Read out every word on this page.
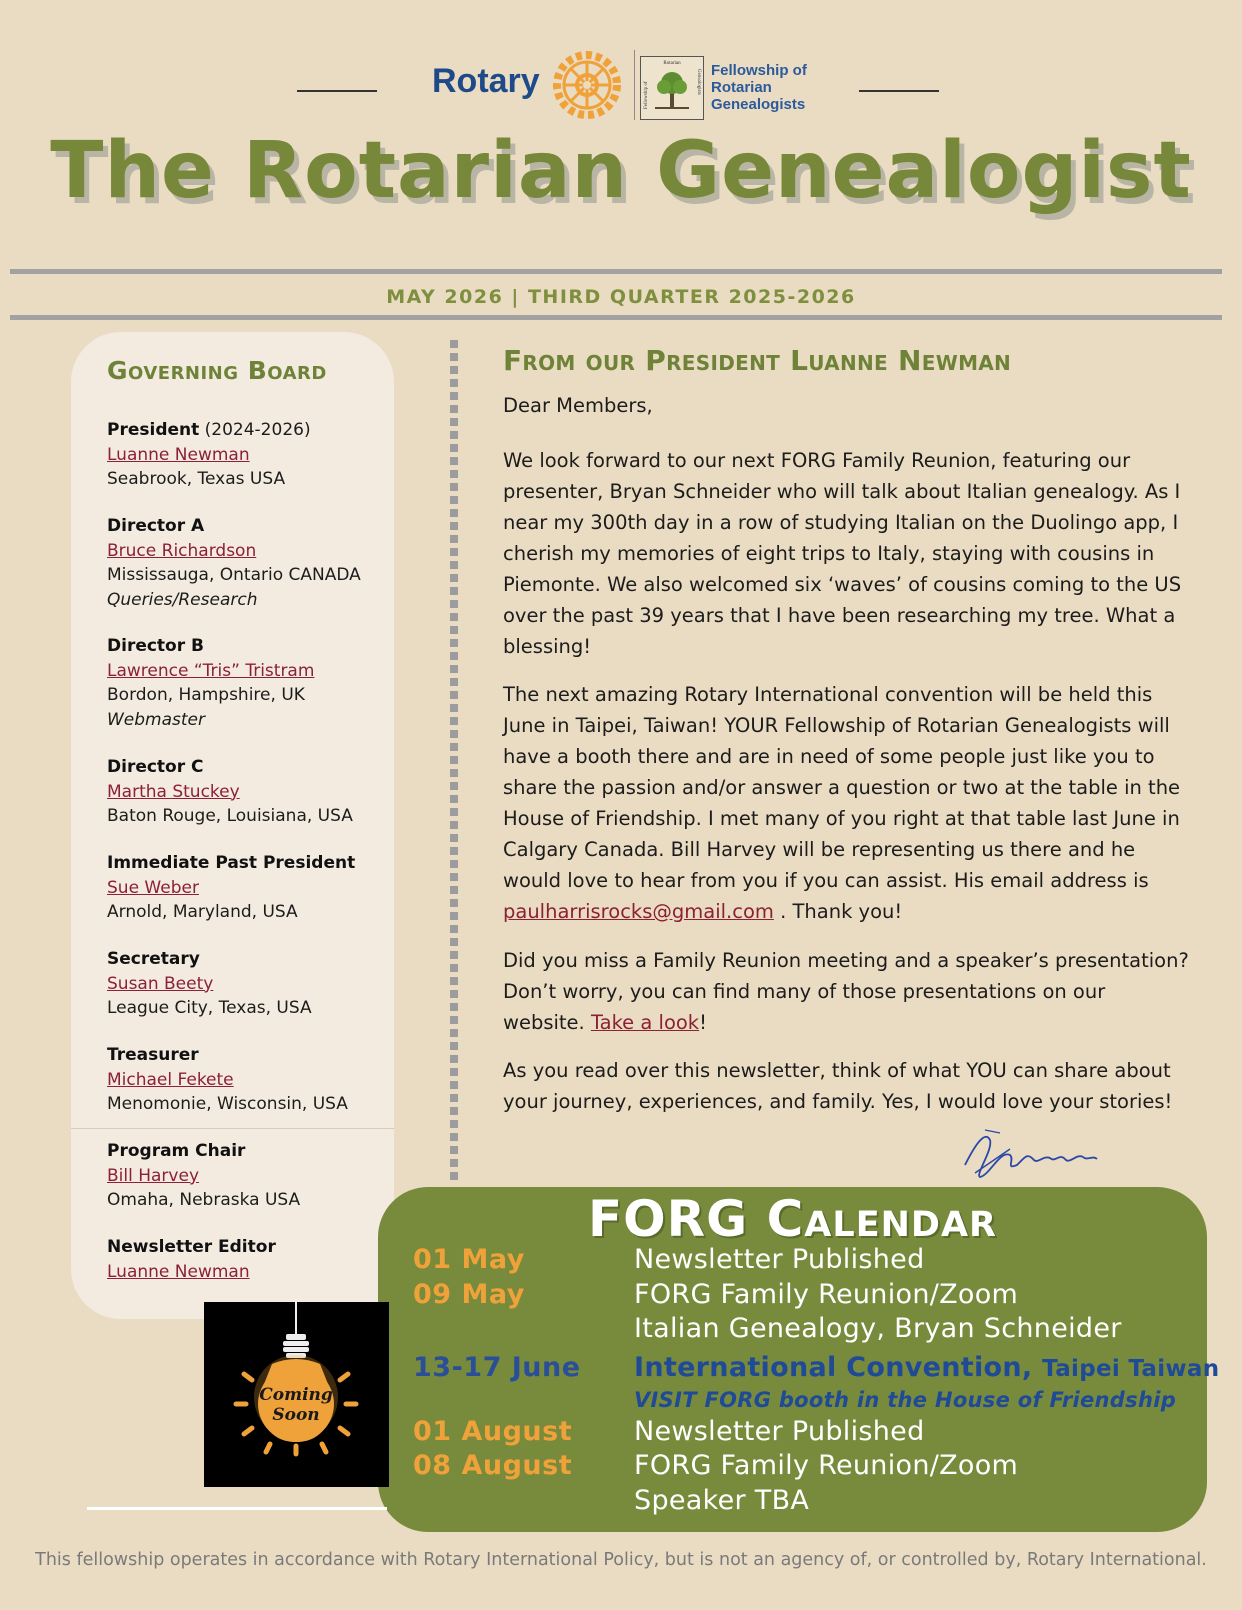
Rotary	Rotarian
Fellowship of	Genealogists Fellowship of
Rotarian
Genealogists
The Rotarian Genealogist
MAY 2026 | THIRD QUARTER 2025-2026
Governing Board
President (2024-2026)
Luanne Newman
Seabrook, Texas USA
Director A
Bruce Richardson
Mississauga, Ontario CANADA
Queries/Research
Director B
Lawrence “Tris” Tristram
Bordon, Hampshire, UK
Webmaster
Director C
Martha Stuckey
Baton Rouge, Louisiana, USA
Immediate Past President
Sue Weber
Arnold, Maryland, USA
Secretary
Susan Beety
League City, Texas, USA
Treasurer
Michael Fekete
Menomonie, Wisconsin, USA
Program Chair
Bill Harvey
Omaha, Nebraska USA
Newsletter Editor
Luanne Newman
From our President Luanne Newman
Dear Members,
We look forward to our next FORG Family Reunion, featuring our presenter, Bryan Schneider who will talk about Italian genealogy. As I near my 300th day in a row of studying Italian on the Duolingo app, I cherish my memories of eight trips to Italy, staying with cousins in Piemonte. We also welcomed six ‘waves’ of cousins coming to the US over the past 39 years that I have been researching my tree. What a blessing!

The next amazing Rotary International convention will be held this June in Taipei, Taiwan! YOUR Fellowship of Rotarian Genealogists will have a booth there and are in need of some people just like you to share the passion and/or answer a question or two at the table in the House of Friendship. I met many of you right at that table last June in Calgary Canada. Bill Harvey will be representing us there and he would love to hear from you if you can assist. His email address is
paulharrisrocks@gmail.com . Thank you!

Did you miss a Family Reunion meeting and a speaker’s presentation? Don’t worry, you can find many of those presentations on our website. Take a look!

As you read over this newsletter, think of what YOU can share about your journey, experiences, and family. Yes, I would love your stories!
FORG Calendar
01 May	Newsletter Published
09 May	FORG Family Reunion/Zoom
Italian Genealogy, Bryan Schneider
13-17 June International Convention, Taipei Taiwan
VISIT FORG booth in the House of Friendship
01 August Newsletter Published
08 August FORG Family Reunion/Zoom
Speaker TBA
Coming
Soon
This fellowship operates in accordance with Rotary International Policy, but is not an agency of, or controlled by, Rotary International.
